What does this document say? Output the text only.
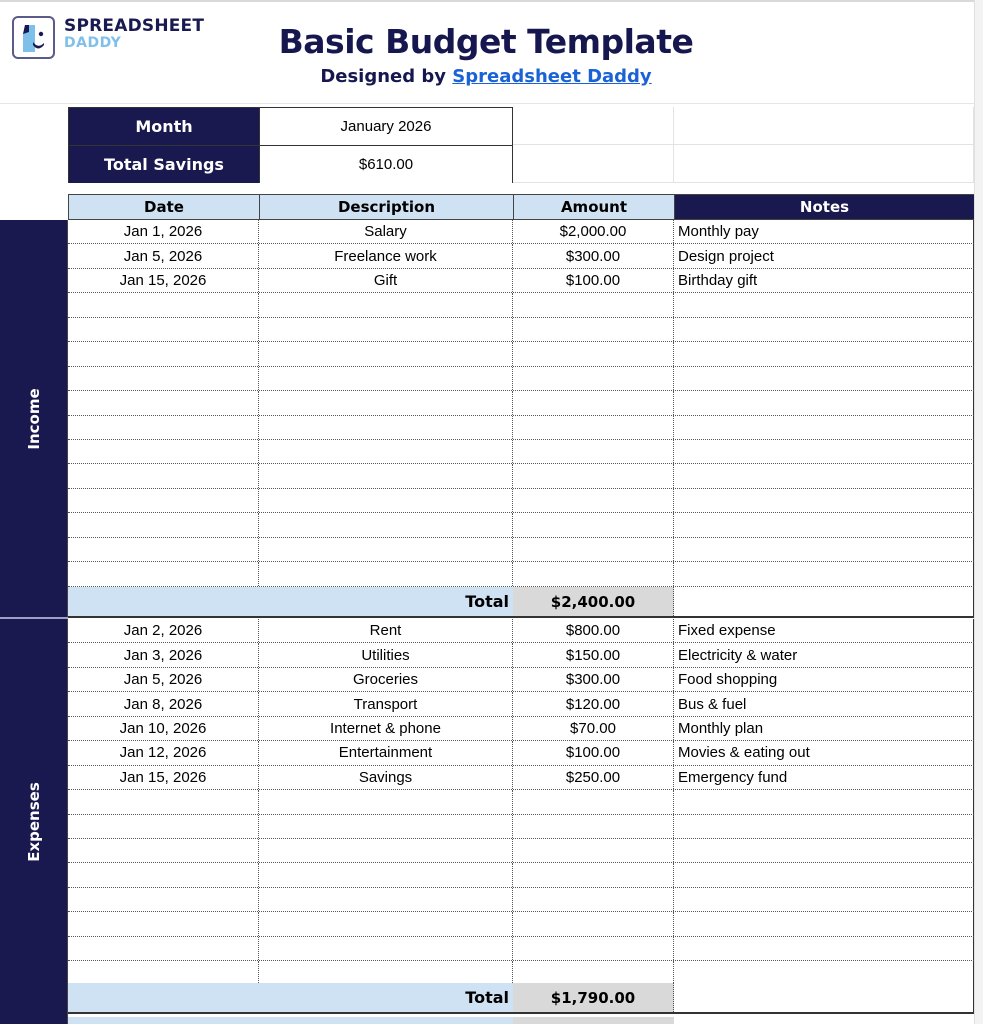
SPREADSHEET
DADDY	Basic Budget Template
Designed by Spreadsheet Daddy
Month	January 2026
Total Savings	$610.00
Date	Description	Amount	Notes
Income
Jan 1, 2026	Salary	$2,000.00	Monthly pay
Jan 5, 2026	Freelance work	$300.00	Design project
Jan 15, 2026	Gift	$100.00	Birthday gift
Total	$2,400.00
Expenses
Jan 2, 2026	Rent	$800.00	Fixed expense
Jan 3, 2026	Utilities	$150.00	Electricity & water
Jan 5, 2026	Groceries	$300.00	Food shopping
Jan 8, 2026	Transport	$120.00	Bus & fuel
Jan 10, 2026	Internet & phone	$70.00	Monthly plan
Jan 12, 2026	Entertainment	$100.00	Movies & eating out
Jan 15, 2026	Savings	$250.00	Emergency fund
Total	$1,790.00
